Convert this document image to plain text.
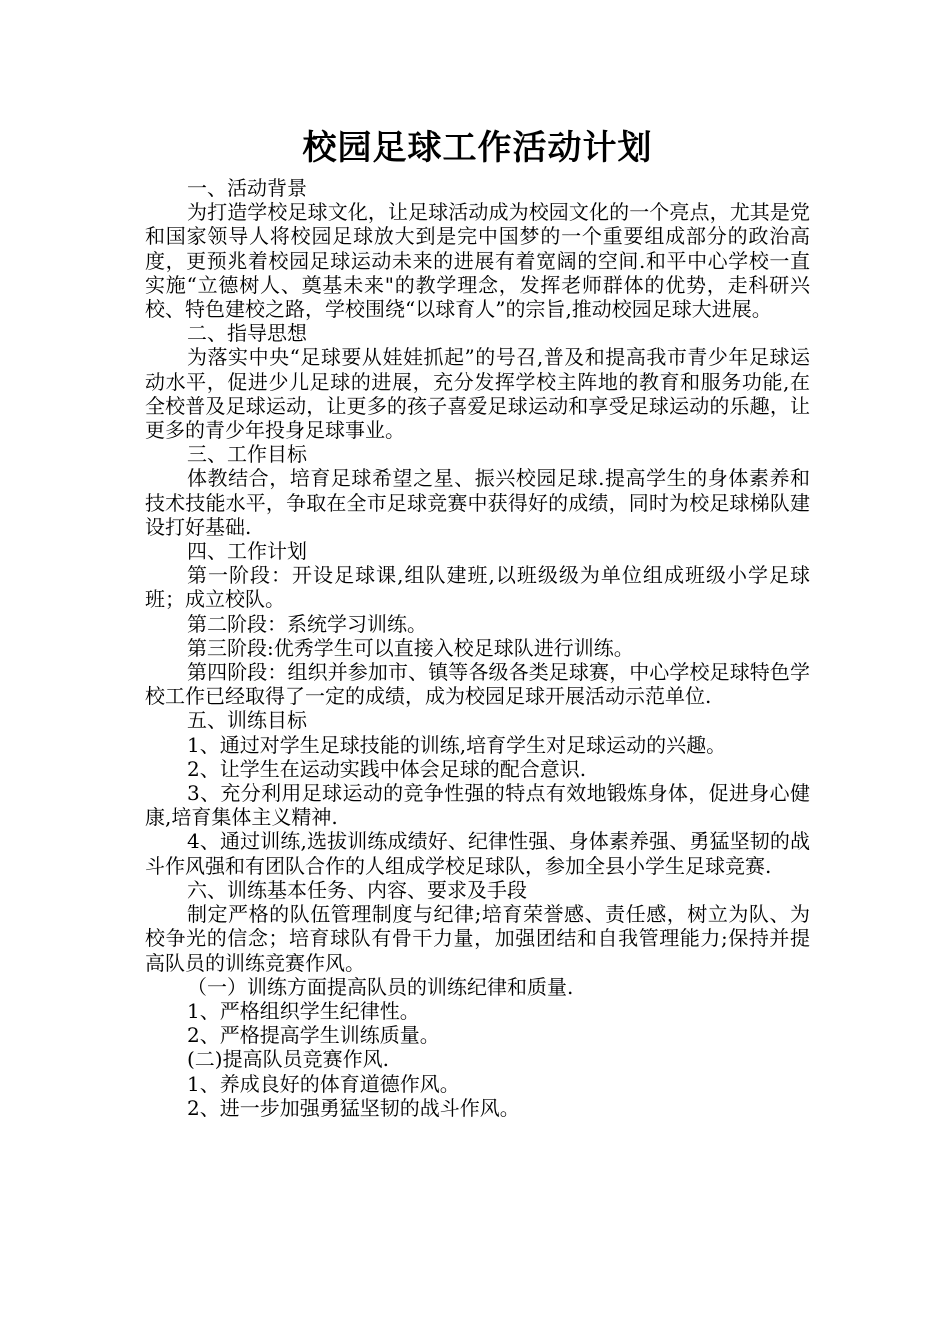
校园足球工作活动计划

一、活动背景

为打造学校足球文化，让足球活动成为校园文化的一个亮点，尤其是党和国家领导人将校园足球放大到是完中国梦的一个重要组成部分的政治高度，更预兆着校园足球运动未来的进展有着宽阔的空间.和平中心学校一直实施“立德树人、奠基未来"的教学理念，发挥老师群体的优势，走科研兴校、特色建校之路，学校围绕“以球育人”的宗旨,推动校园足球大进展。

二、指导思想

为落实中央“足球要从娃娃抓起”的号召,普及和提高我市青少年足球运动水平，促进少儿足球的进展，充分发挥学校主阵地的教育和服务功能,在全校普及足球运动，让更多的孩子喜爱足球运动和享受足球运动的乐趣，让更多的青少年投身足球事业。

三、工作目标

体教结合，培育足球希望之星、振兴校园足球.提高学生的身体素养和技术技能水平，争取在全市足球竞赛中获得好的成绩，同时为校足球梯队建设打好基础.

四、工作计划

第一阶段：开设足球课,组队建班,以班级级为单位组成班级小学足球班；成立校队。

第二阶段：系统学习训练。

第三阶段:优秀学生可以直接入校足球队进行训练。

第四阶段：组织并参加市、镇等各级各类足球赛，中心学校足球特色学校工作已经取得了一定的成绩，成为校园足球开展活动示范单位.

五、训练目标

1、通过对学生足球技能的训练,培育学生对足球运动的兴趣。

2、让学生在运动实践中体会足球的配合意识.

3、充分利用足球运动的竞争性强的特点有效地锻炼身体，促进身心健康,培育集体主义精神.

4、通过训练,选拔训练成绩好、纪律性强、身体素养强、勇猛坚韧的战斗作风强和有团队合作的人组成学校足球队，参加全县小学生足球竞赛.

六、训练基本任务、内容、要求及手段

制定严格的队伍管理制度与纪律;培育荣誉感、责任感，树立为队、为校争光的信念；培育球队有骨干力量，加强团结和自我管理能力;保持并提高队员的训练竞赛作风。

（一）训练方面提高队员的训练纪律和质量.

1、严格组织学生纪律性。

2、严格提高学生训练质量。

(二)提高队员竞赛作风.

1、养成良好的体育道德作风。

2、进一步加强勇猛坚韧的战斗作风。
